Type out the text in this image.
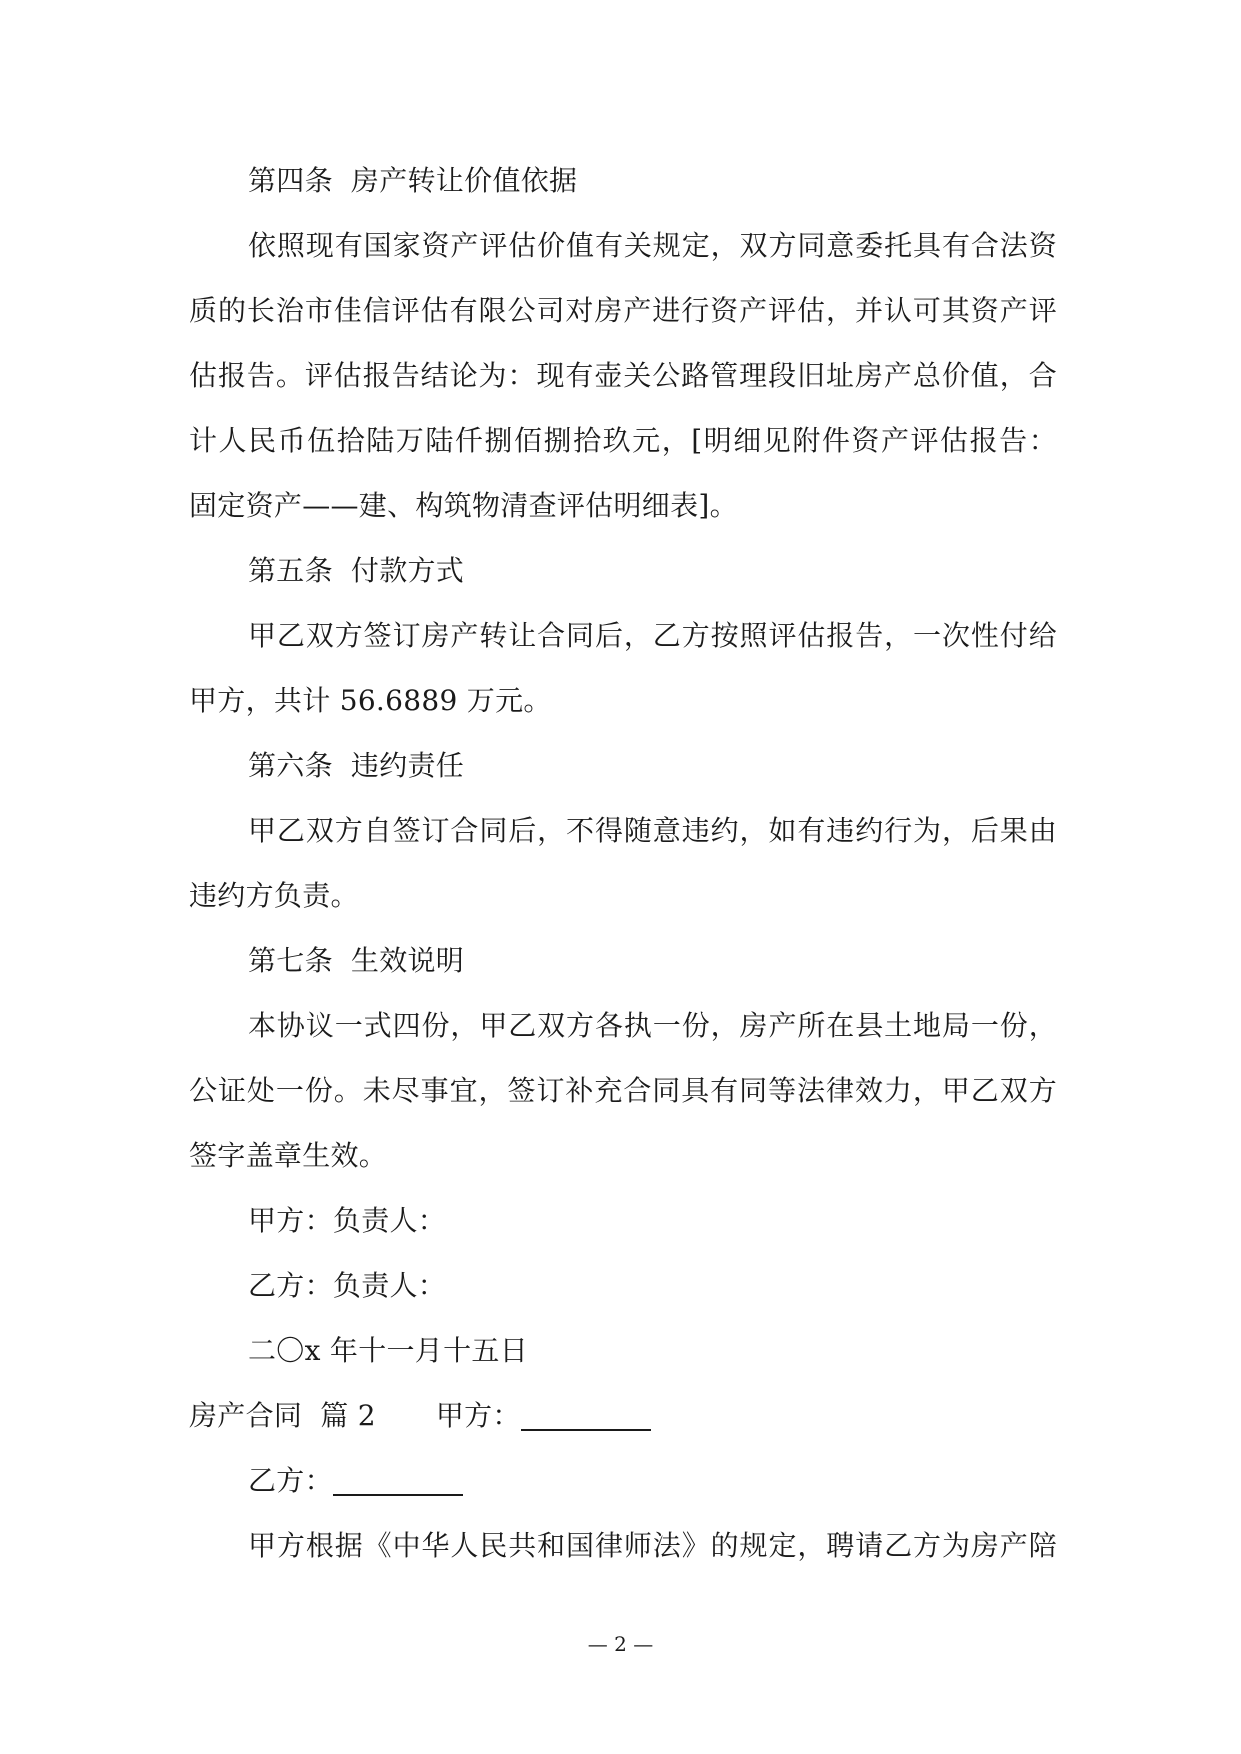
第四条 房产转让价值依据
依照现有国家资产评估价值有关规定，双方同意委托具有合法资
质的长治市佳信评估有限公司对房产进行资产评估，并认可其资产评
估报告。评估报告结论为：现有壶关公路管理段旧址房产总价值，合
计人民币伍拾陆万陆仟捌佰捌拾玖元，[明细见附件资产评估报告：
固定资产——建、构筑物清查评估明细表]。
第五条 付款方式
甲乙双方签订房产转让合同后，乙方按照评估报告，一次性付给
甲方，共计 56.6889 万元。
第六条 违约责任
甲乙双方自签订合同后，不得随意违约，如有违约行为，后果由
违约方负责。
第七条 生效说明
本协议一式四份，甲乙双方各执一份，房产所在县土地局一份，
公证处一份。未尽事宜，签订补充合同具有同等法律效力，甲乙双方
签字盖章生效。
甲方：负责人：
乙方：负责人：
二〇x 年十一月十五日
房产合同 篇 2 甲方：
乙方：
甲方根据《中华人民共和国律师法》的规定，聘请乙方为房产陪
— 2 —
